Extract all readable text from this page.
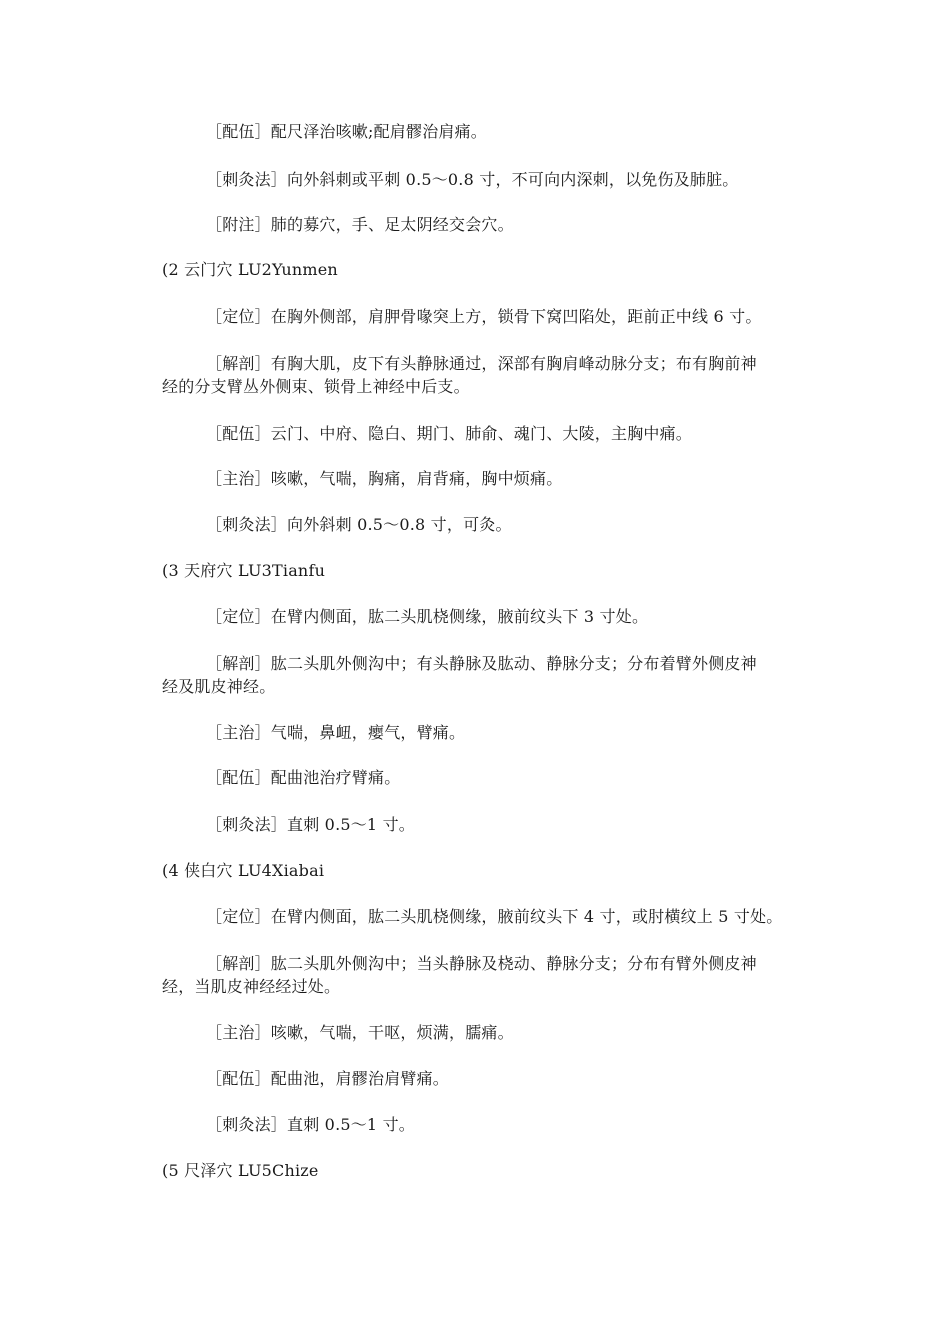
［配伍］配尺泽治咳嗽;配肩髎治肩痛。
［刺灸法］向外斜刺或平刺 0.5～0.8 寸，不可向内深刺，以免伤及肺脏。
［附注］肺的募穴，手、足太阴经交会穴。
(2 云门穴 LU2Yunmen
［定位］在胸外侧部，肩胛骨喙突上方，锁骨下窝凹陷处，距前正中线 6 寸。
［解剖］有胸大肌，皮下有头静脉通过，深部有胸肩峰动脉分支；布有胸前神
经的分支臂丛外侧束、锁骨上神经中后支。
［配伍］云门、中府、隐白、期门、肺俞、魂门、大陵，主胸中痛。
［主治］咳嗽，气喘，胸痛，肩背痛，胸中烦痛。
［刺灸法］向外斜刺 0.5～0.8 寸，可灸。
(3 天府穴 LU3Tianfu
［定位］在臂内侧面，肱二头肌桡侧缘，腋前纹头下 3 寸处。
［解剖］肱二头肌外侧沟中；有头静脉及肱动、静脉分支；分布着臂外侧皮神
经及肌皮神经。
［主治］气喘，鼻衄，瘿气，臂痛。
［配伍］配曲池治疗臂痛。
［刺灸法］直刺 0.5～1 寸。
(4 侠白穴 LU4Xiabai
［定位］在臂内侧面，肱二头肌桡侧缘，腋前纹头下 4 寸，或肘横纹上 5 寸处。
［解剖］肱二头肌外侧沟中；当头静脉及桡动、静脉分支；分布有臂外侧皮神
经，当肌皮神经经过处。
［主治］咳嗽，气喘，干呕，烦满，臑痛。
［配伍］配曲池，肩髎治肩臂痛。
［刺灸法］直刺 0.5～1 寸。
(5 尺泽穴 LU5Chize
